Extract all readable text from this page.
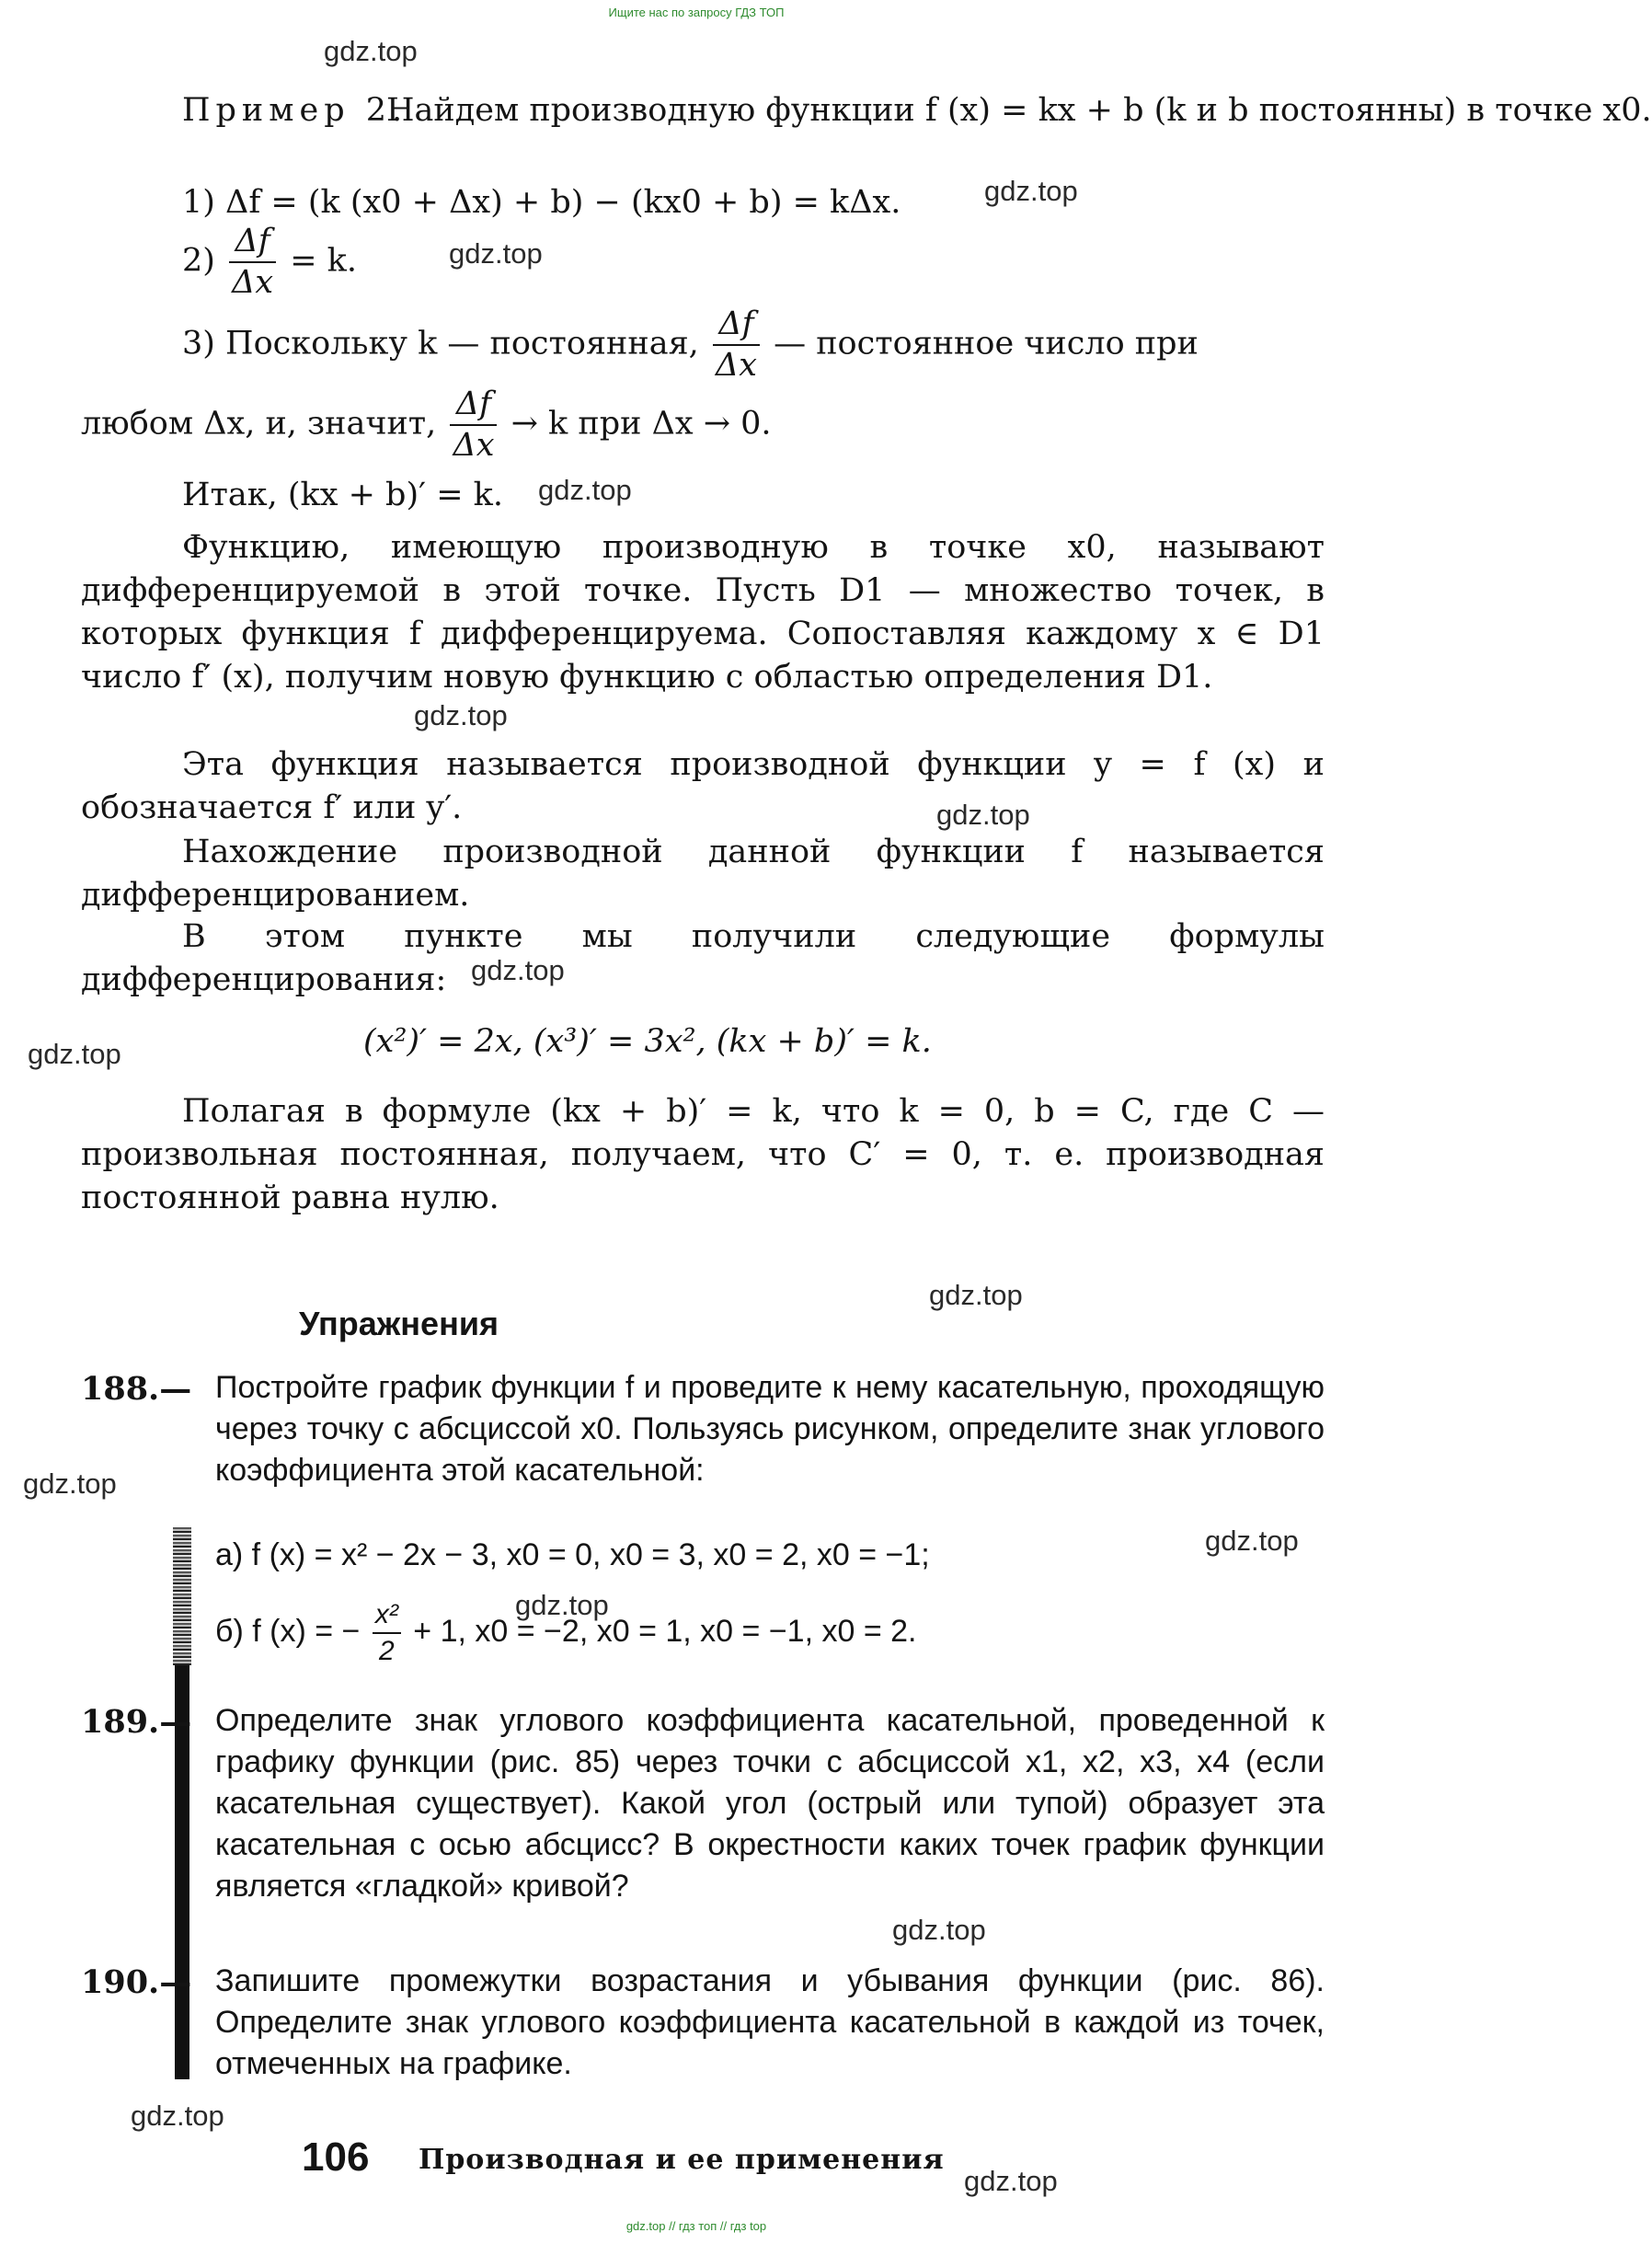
Ищите нас по запросу ГДЗ ТОП
gdz.top
gdz.top
gdz.top
gdz.top
gdz.top
gdz.top
gdz.top
gdz.top
gdz.top
gdz.top
gdz.top
gdz.top
gdz.top
gdz.top
gdz.top
Пример 2.
Найдем производную функции f (x) = kx + b (k и b постоянны) в точке x0.
1) Δf = (k (x0 + Δx) + b) − (kx0 + b) = kΔx.
$2) \frac{\Delta f}{\Delta x} = k$.
3) Поскольку k — постоянная, $\frac{\Delta f}{\Delta x}$ — постоянное число при
любом Δx, и, значит, $\frac{\Delta f}{\Delta x} \to k$ при Δx → 0.
Итак, (kx + b)′ = k.
Функцию, имеющую производную в точке x0, называют дифференцируемой в этой точке. Пусть D1 — множество точек, в которых функция f дифференцируема. Сопоставляя каждому x ∈ D1 число f′ (x), получим новую функцию с областью определения D1.
Эта функция называется производной функции y = f (x) и обозначается f′ или y′.
Нахождение производной данной функции f называется дифференцированием.
В этом пункте мы получили следующие формулы дифференцирования:
(x²)′ = 2x, (x³)′ = 3x², (kx + b)′ = k.
Полагая в формуле (kx + b)′ = k, что k = 0, b = C, где C — произвольная постоянная, получаем, что C′ = 0, т. е. производная постоянной равна нулю.
Упражнения
188.— Постройте график функции f и проведите к нему касательную, проходящую через точку с абсциссой x0. Пользуясь рисунком, определите знак углового коэффициента этой касательной:
а) f (x) = x² − 2x − 3, x0 = 0, x0 = 3, x0 = 2, x0 = −1;
б) f (x) = − $\frac{\text{x²}}{2} + 1$, x0 = −2, x0 = 1, x0 = −1, x0 = 2.
189.— Определите знак углового коэффициента касательной, проведенной к графику функции (рис. 85) через точки с абсциссой x1, x2, x3, x4 (если касательная существует). Какой угол (острый или тупой) образует эта касательная с осью абсцисс? В окрестности каких точек график функции является «гладкой» кривой?
190.— Запишите промежутки возрастания и убывания функции (рис. 86). Определите знак углового коэффициента касательной в каждой из точек, отмеченных на графике.
106 Производная и ее применения
gdz.top // гдз топ // гдз top
